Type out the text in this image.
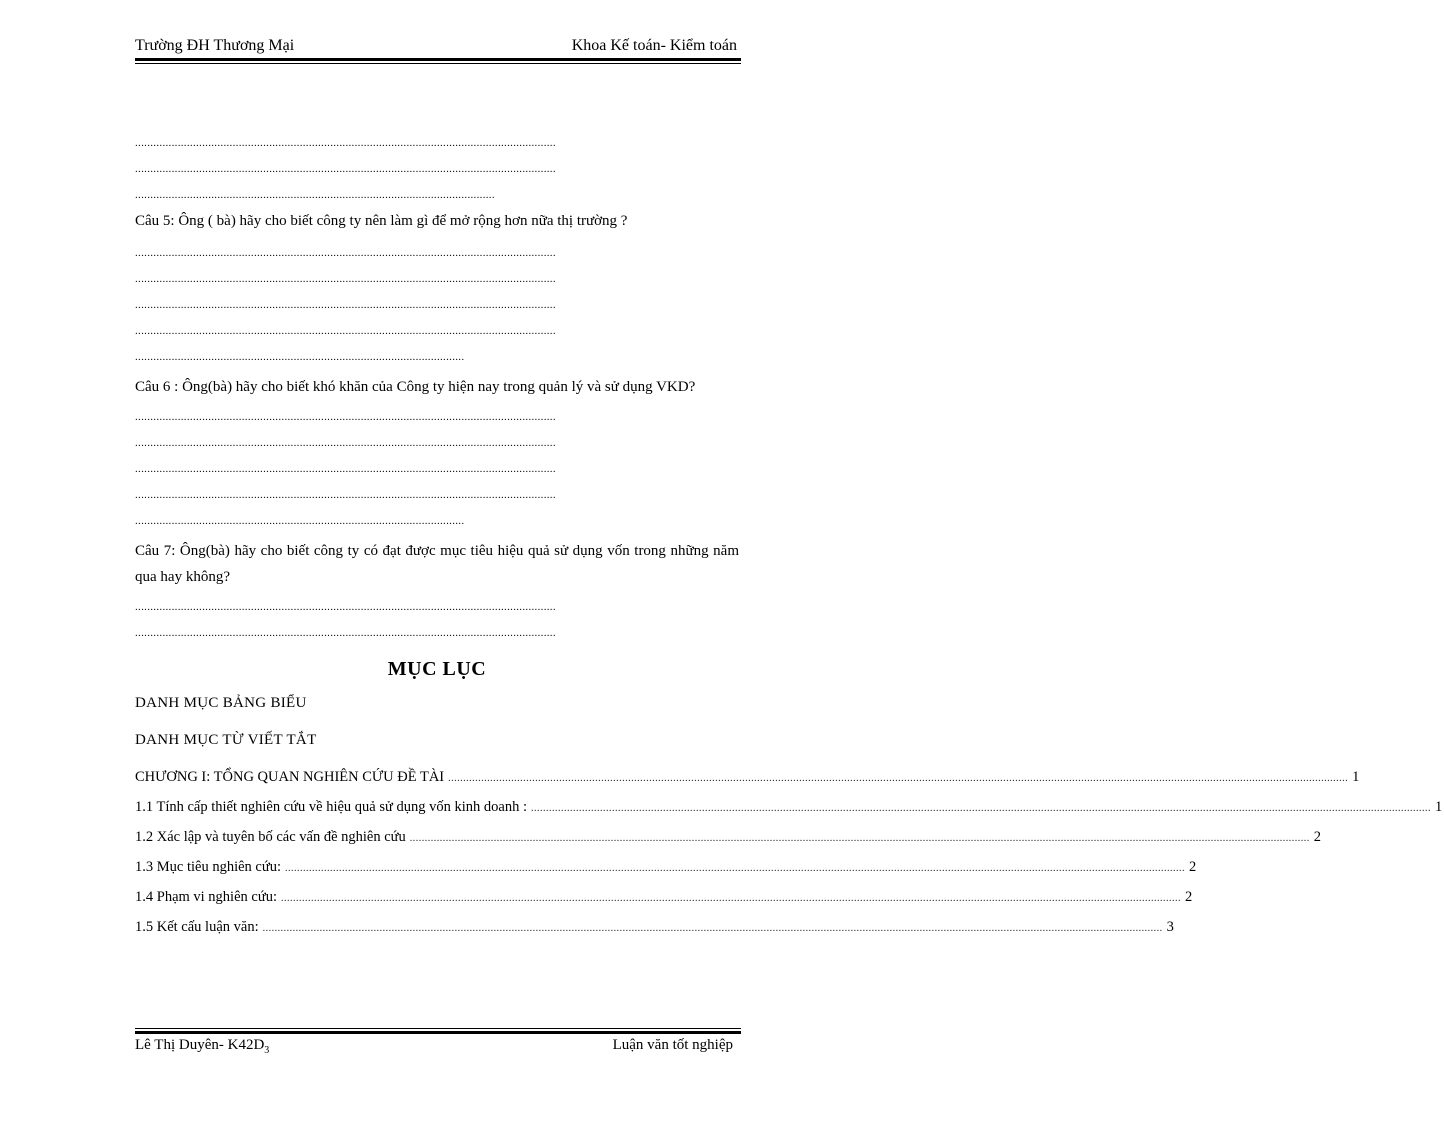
Trường ĐH Thương Mại	Khoa Kế toán- Kiểm toán
..........................................................................................................................................
..........................................................................................................................................
......................................................................................................................

Câu 5: Ông ( bà) hãy cho biết công ty nên làm gì để mở rộng hơn nữa thị trường ?

..........................................................................................................................................
..........................................................................................................................................
..........................................................................................................................................
..........................................................................................................................................
............................................................................................................

Câu 6 : Ông(bà) hãy cho biết khó khăn của Công ty hiện nay trong quản lý và sử dụng VKD?

..........................................................................................................................................
..........................................................................................................................................
..........................................................................................................................................
..........................................................................................................................................
............................................................................................................

Câu 7: Ông(bà) hãy cho biết công ty có đạt được mục tiêu hiệu quả sử dụng vốn trong những năm qua hay không?

..........................................................................................................................................
..........................................................................................................................................
MỤC LỤC
DANH MỤC BẢNG BIỂU
DANH MỤC TỪ VIẾT TẮT
CHƯƠNG I: TỔNG QUAN NGHIÊN CỨU ĐỀ TÀI ............................................................................................................................................................................................................................................................................................................ 1
1.1 Tính cấp thiết nghiên cứu về hiệu quả sử dụng vốn kinh doanh : ............................................................................................................................................................................................................................................................................................................ 1
1.2 Xác lập và tuyên bố các vấn đề nghiên cứu ............................................................................................................................................................................................................................................................................................................ 2
1.3 Mục tiêu nghiên cứu: ............................................................................................................................................................................................................................................................................................................ 2
1.4 Phạm vi nghiên cứu: ............................................................................................................................................................................................................................................................................................................ 2
1.5 Kết cấu luận văn: ............................................................................................................................................................................................................................................................................................................ 3
Lê Thị Duyên- $K42D_3$	Luận văn tốt nghiệp
